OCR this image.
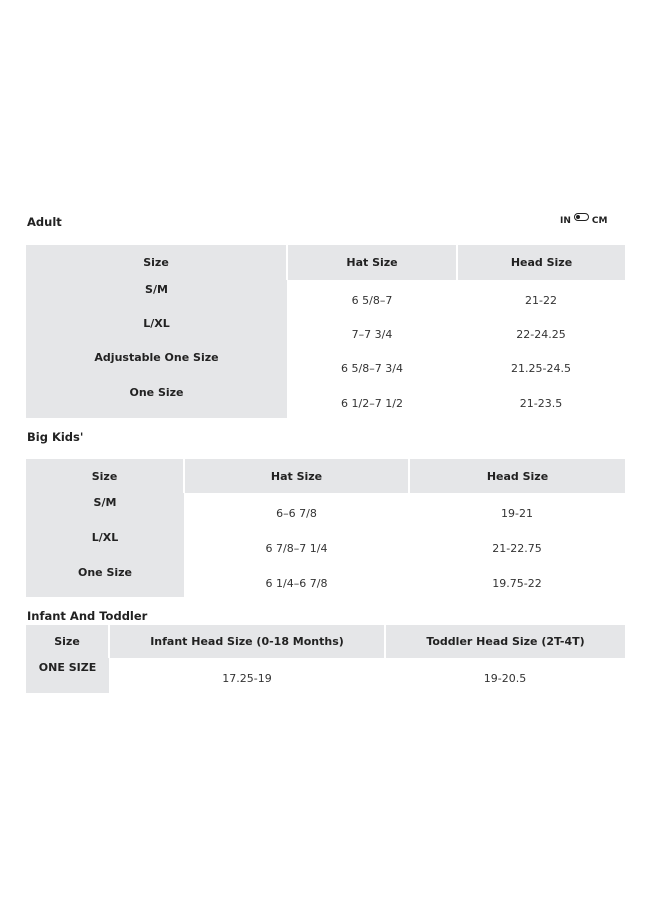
Adult	IN CM
Size	Hat Size	Head Size
S/M	6 5/8–7	21-22
L/XL	7–7 3/4	22-24.25
Adjustable One Size	6 5/8–7 3/4	21.25-24.5
One Size	6 1/2–7 1/2	21-23.5
Big Kids'
Size	Hat Size	Head Size
S/M	6–6 7/8	19-21
L/XL	6 7/8–7 1/4	21-22.75
One Size	6 1/4–6 7/8	19.75-22
Infant And Toddler
Size	Infant Head Size (0-18 Months)	Toddler Head Size (2T-4T)
ONE SIZE	17.25-19	19-20.5
